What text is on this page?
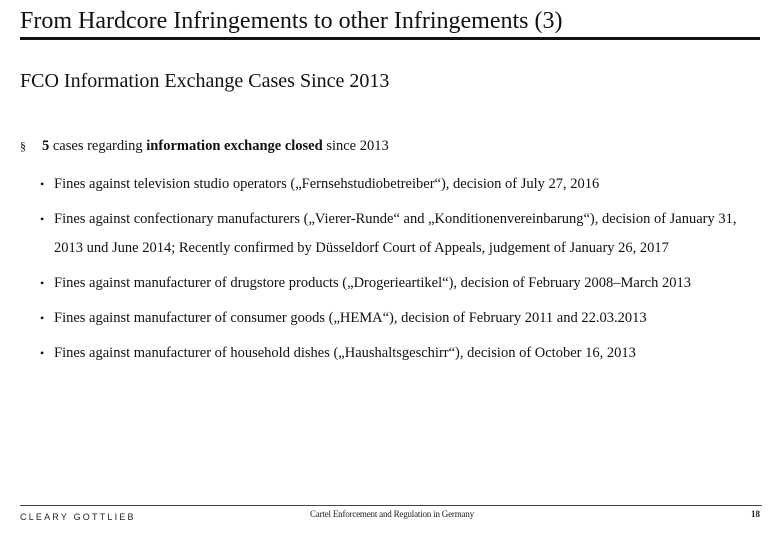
From Hardcore Infringements to other Infringements (3)
FCO Information Exchange Cases Since 2013
§ 5 cases regarding information exchange closed since 2013
• Fines against television studio operators („Fernsehstudiobetreiber“), decision of July 27, 2016
• Fines against confectionary manufacturers („Vierer-Runde“ and „Konditionenvereinbarung“), decision of January 31, 2013 und June 2014; Recently confirmed by Düsseldorf Court of Appeals, judgement of January 26, 2017
• Fines against manufacturer of drugstore products („Drogerieartikel“), decision of February 2008–March 2013
• Fines against manufacturer of consumer goods („HEMA“), decision of February 2011 and 22.03.2013
• Fines against manufacturer of household dishes („Haushaltsgeschirr“), decision of October 16, 2013
CLEARY GOTTLIEB	Cartel Enforcement and Regulation in Germany	18
